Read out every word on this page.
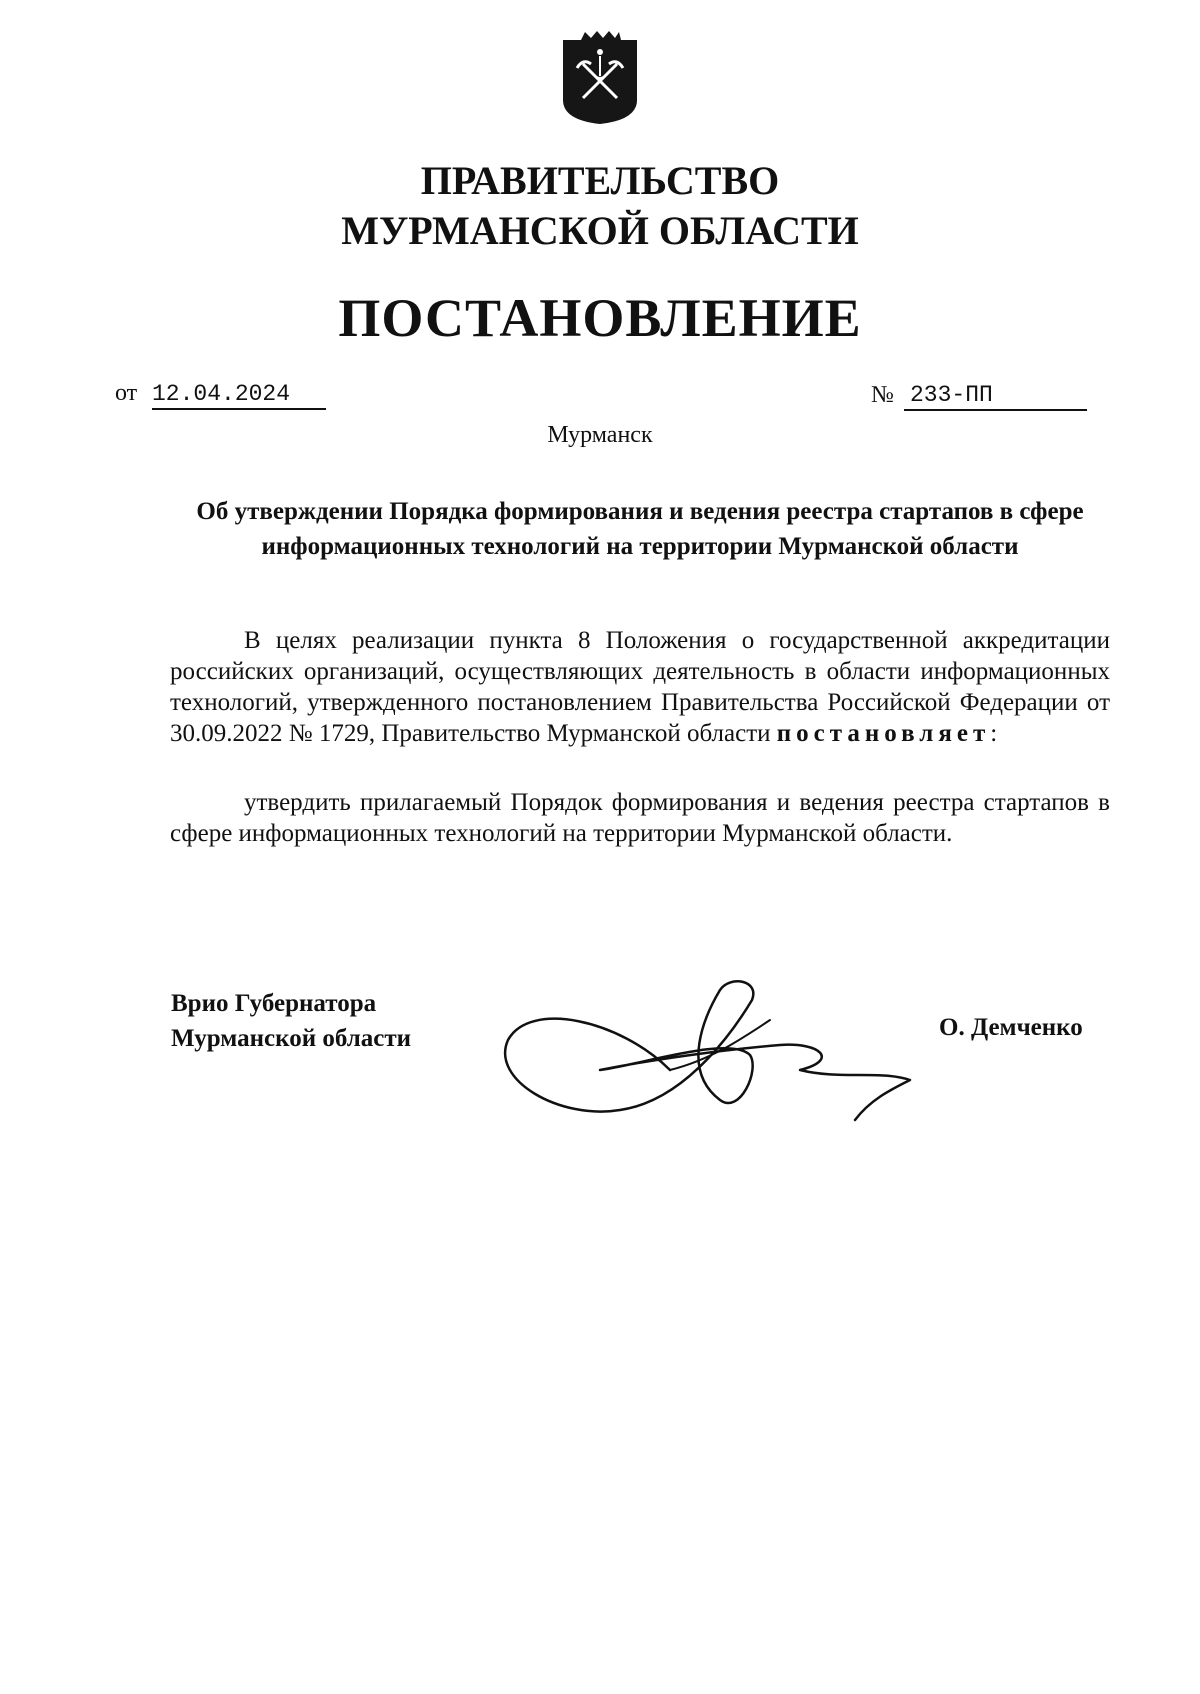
ПРАВИТЕЛЬСТВО
МУРМАНСКОЙ ОБЛАСТИ
ПОСТАНОВЛЕНИЕ
от 12.04.2024	№ 233-ПП
Мурманск
Об утверждении Порядка формирования и ведения реестра стартапов в сфере информационных технологий на территории Мурманской области
В целях реализации пункта 8 Положения о государственной аккредитации российских организаций, осуществляющих деятельность в области информационных технологий, утвержденного постановлением Правительства Российской Федерации от 30.09.2022 № 1729, Правительство Мурманской области постановляет:
утвердить прилагаемый Порядок формирования и ведения реестра стартапов в сфере информационных технологий на территории Мурманской области.
Врио Губернатора
Мурманской области	О. Демченко
